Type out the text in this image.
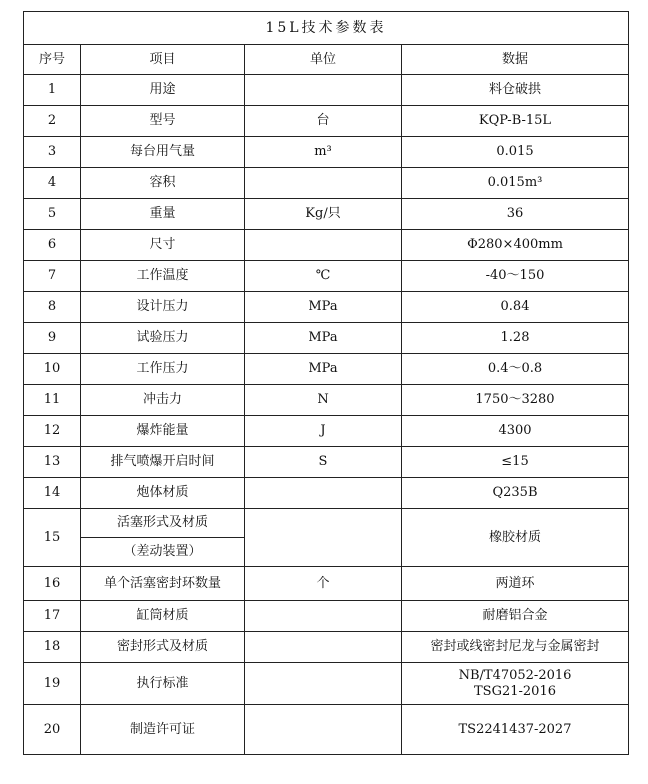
15L技术参数表			
序号	项目	单位	数据
1	用途		料仓破拱
2	型号	台	KQP-B-15L
3	每台用气量	m³	0.015
4	容积		0.015m³
5	重量	Kg/只	36
6	尺寸		Φ280×400mm
7	工作温度	℃	-40～150
8	设计压力	MPa	0.84
9	试验压力	MPa	1.28
10	工作压力	MPa	0.4～0.8
11	冲击力	N	1750～3280
12	爆炸能量	J	4300
13	排气喷爆开启时间	S	≤15
14	炮体材质		Q235B
15	活塞形式及材质		橡胶材质
	（差动装置）		
16	单个活塞密封环数量	个	两道环
17	缸筒材质		耐磨铝合金
18	密封形式及材质		密封或线密封尼龙与金属密封
19	执行标准		NB/T47052-2016
TSG21-2016

20	制造许可证		TS2241437-2027
